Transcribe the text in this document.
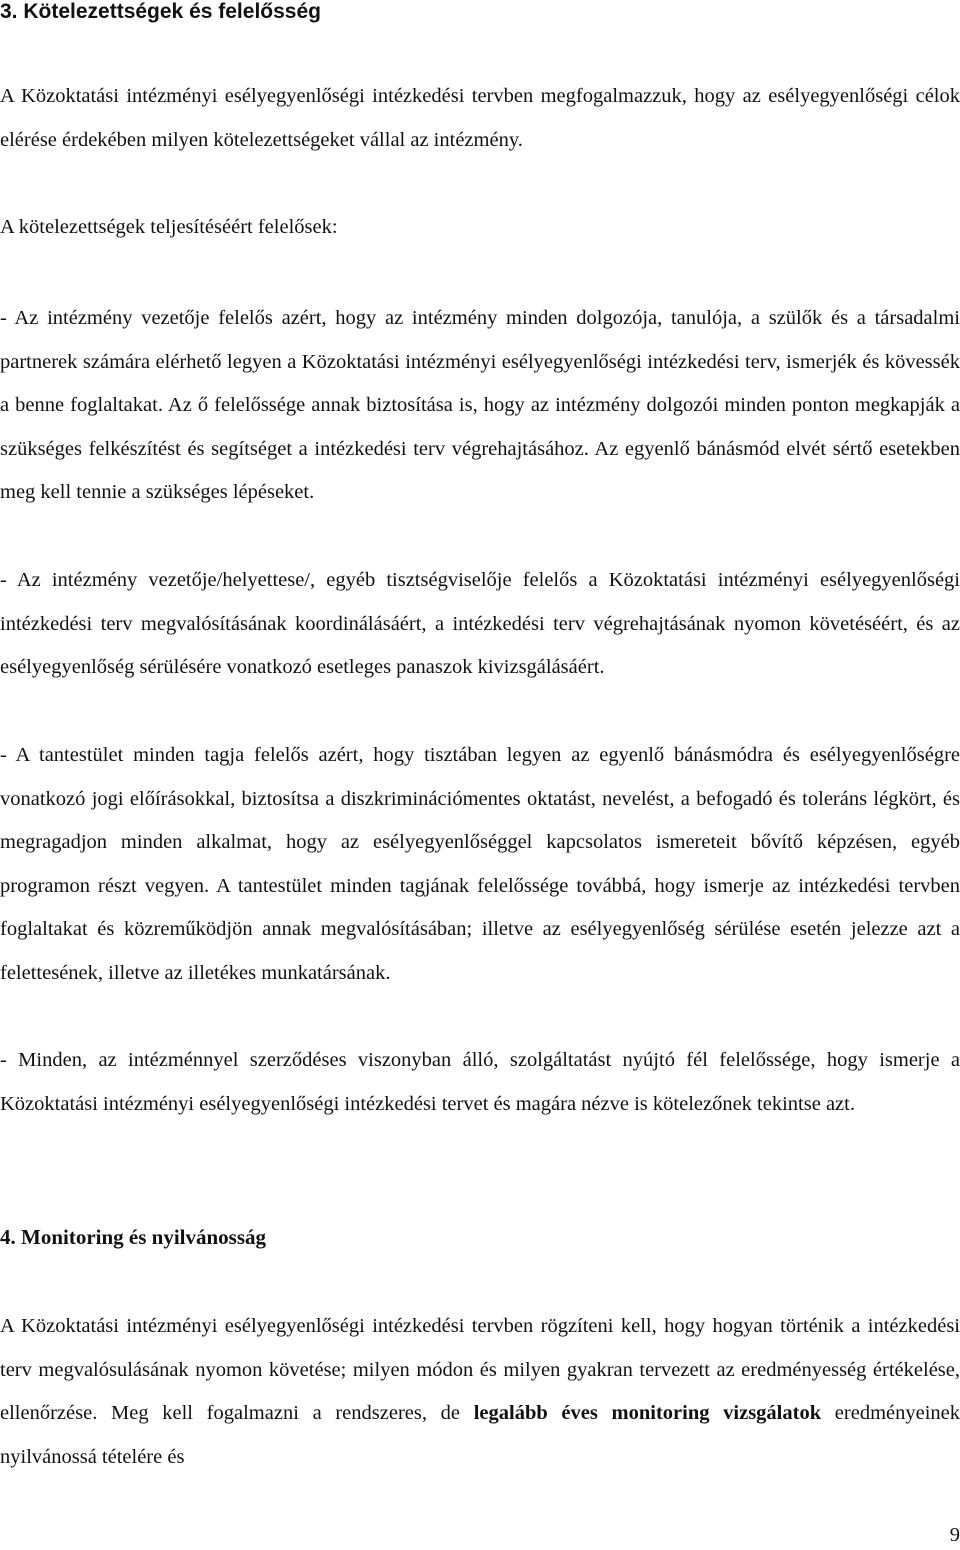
3. Kötelezettségek és felelősség

A Közoktatási intézményi esélyegyenlőségi intézkedési tervben megfogalmazzuk, hogy az esélyegyenlőségi célok elérése érdekében milyen kötelezettségeket vállal az intézmény.

A kötelezettségek teljesítéséért felelősek:

- Az intézmény vezetője felelős azért, hogy az intézmény minden dolgozója, tanulója, a szülők és a társadalmi partnerek számára elérhető legyen a Közoktatási intézményi esélyegyenlőségi intézkedési terv, ismerjék és kövessék a benne foglaltakat. Az ő felelőssége annak biztosítása is, hogy az intézmény dolgozói minden ponton megkapják a szükséges felkészítést és segítséget a intézkedési terv végrehajtásához. Az egyenlő bánásmód elvét sértő esetekben meg kell tennie a szükséges lépéseket.

- Az intézmény vezetője/helyettese/, egyéb tisztségviselője felelős a Közoktatási intézményi esélyegyenlőségi intézkedési terv megvalósításának koordinálásáért, a intézkedési terv végrehajtásának nyomon követéséért, és az esélyegyenlőség sérülésére vonatkozó esetleges panaszok kivizsgálásáért.

- A tantestület minden tagja felelős azért, hogy tisztában legyen az egyenlő bánásmódra és esélyegyenlőségre vonatkozó jogi előírásokkal, biztosítsa a diszkriminációmentes oktatást, nevelést, a befogadó és toleráns légkört, és megragadjon minden alkalmat, hogy az esélyegyenlőséggel kapcsolatos ismereteit bővítő képzésen, egyéb programon részt vegyen. A tantestület minden tagjának felelőssége továbbá, hogy ismerje az intézkedési tervben foglaltakat és közreműködjön annak megvalósításában; illetve az esélyegyenlőség sérülése esetén jelezze azt a felettesének, illetve az illetékes munkatársának.

- Minden, az intézménnyel szerződéses viszonyban álló, szolgáltatást nyújtó fél felelőssége, hogy ismerje a Közoktatási intézményi esélyegyenlőségi intézkedési tervet és magára nézve is kötelezőnek tekintse azt.

4. Monitoring és nyilvánosság

A Közoktatási intézményi esélyegyenlőségi intézkedési tervben rögzíteni kell, hogy hogyan történik a intézkedési terv megvalósulásának nyomon követése; milyen módon és milyen gyakran tervezett az eredményesség értékelése, ellenőrzése. Meg kell fogalmazni a rendszeres, de legalább éves monitoring vizsgálatok eredményeinek nyilvánossá tételére és

9
